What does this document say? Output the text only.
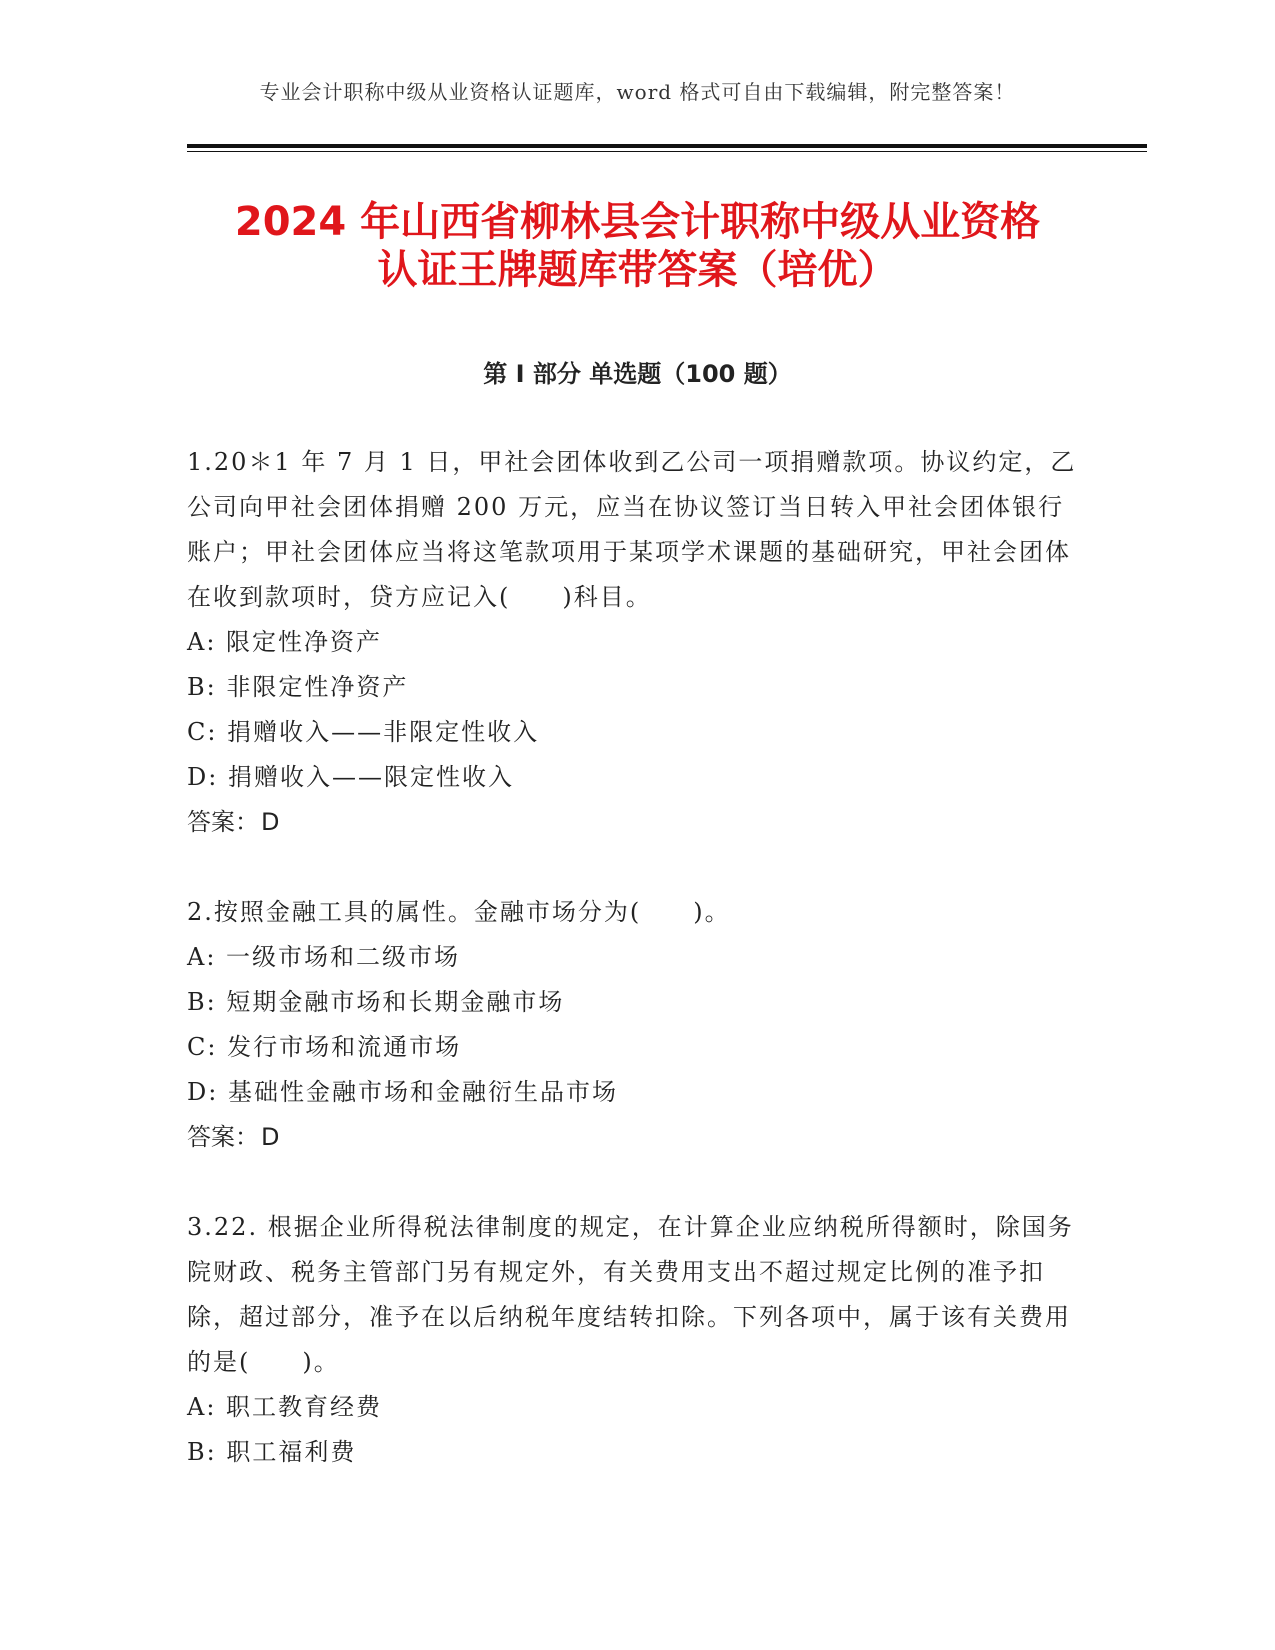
专业会计职称中级从业资格认证题库，word 格式可自由下载编辑，附完整答案！
2024 年山西省柳林县会计职称中级从业资格
认证王牌题库带答案（培优）
第 I 部分 单选题（100 题）

1.20＊1 年 7 月 1 日，甲社会团体收到乙公司一项捐赠款项。协议约定，乙公司向甲社会团体捐赠 200 万元，应当在协议签订当日转入甲社会团体银行账户；甲社会团体应当将这笔款项用于某项学术课题的基础研究，甲社会团体在收到款项时，贷方应记入(　　)科目。

A: 限定性净资产

B: 非限定性净资产

C: 捐赠收入——非限定性收入

D: 捐赠收入——限定性收入

答案：D

2.按照金融工具的属性。金融市场分为(　　)。

A: 一级市场和二级市场

B: 短期金融市场和长期金融市场

C: 发行市场和流通市场

D: 基础性金融市场和金融衍生品市场

答案：D

3.22. 根据企业所得税法律制度的规定，在计算企业应纳税所得额时，除国务院财政、税务主管部门另有规定外，有关费用支出不超过规定比例的准予扣除，超过部分，准予在以后纳税年度结转扣除。下列各项中，属于该有关费用的是(　　)。

A: 职工教育经费

B: 职工福利费
